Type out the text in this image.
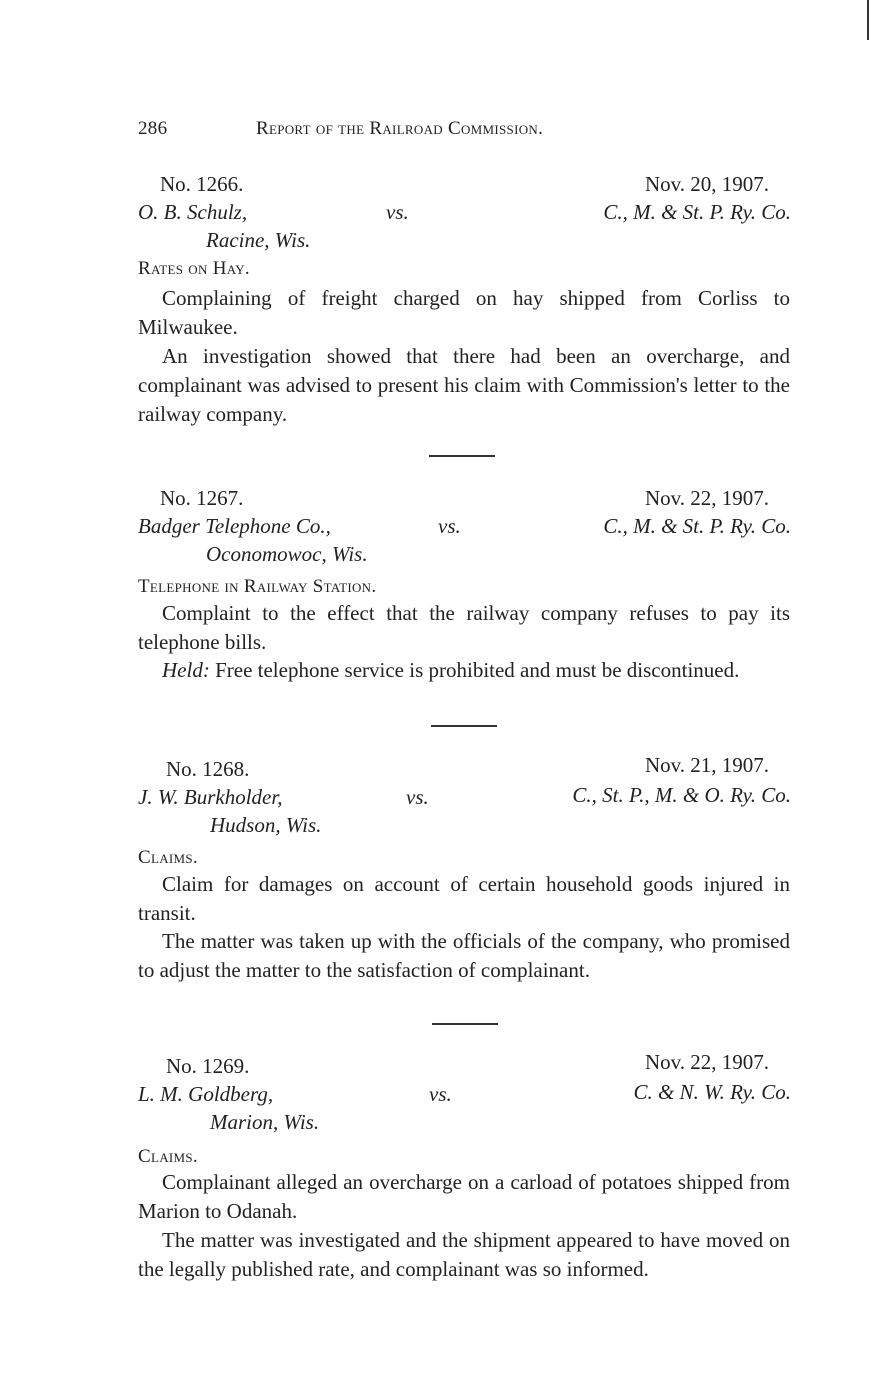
286	Report of the Railroad Commission.
No. 1266.	Nov. 20, 1907.
O. B. Schulz,	vs.	C., M. & St. P. Ry. Co.
Racine, Wis.
Rates on Hay.
Complaining of freight charged on hay shipped from Corliss to Milwaukee.
An investigation showed that there had been an overcharge, and complainant was advised to present his claim with Commission's letter to the railway company.
No. 1267.	Nov. 22, 1907.
Badger Telephone Co.,	vs.	C., M. & St. P. Ry. Co.
Oconomowoc, Wis.
Telephone in Railway Station.
Complaint to the effect that the railway company refuses to pay its telephone bills.
Held: Free telephone service is prohibited and must be discontinued.
No. 1268.	Nov. 21, 1907.
J. W. Burkholder,	vs.	C., St. P., M. & O. Ry. Co.
Hudson, Wis.
Claims.
Claim for damages on account of certain household goods injured in transit.
The matter was taken up with the officials of the company, who promised to adjust the matter to the satisfaction of complainant.
No. 1269.	Nov. 22, 1907.
L. M. Goldberg,	vs.	C. & N. W. Ry. Co.
Marion, Wis.
Claims.
Complainant alleged an overcharge on a carload of potatoes shipped from Marion to Odanah.
The matter was investigated and the shipment appeared to have moved on the legally published rate, and complainant was so informed.
